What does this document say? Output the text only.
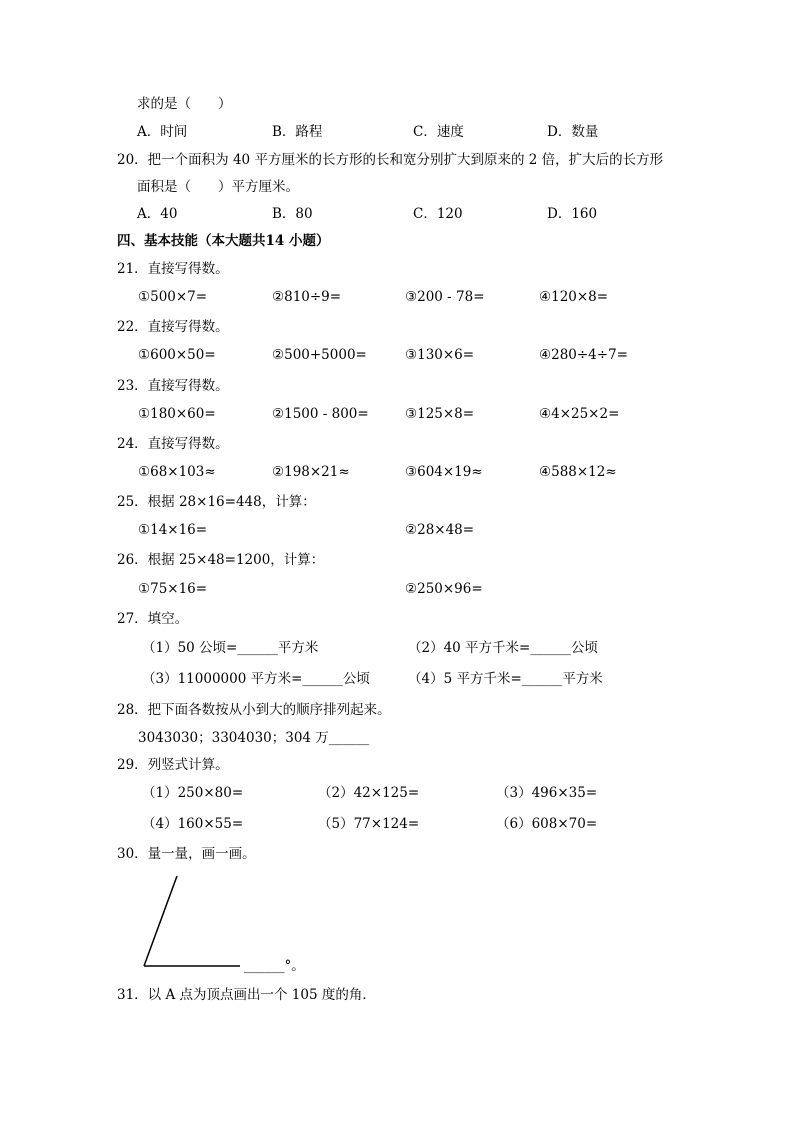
求的是（　　）
A．时间	B．路程	C．速度	D．数量
20．把一个面积为 40 平方厘米的长方形的长和宽分别扩大到原来的 2 倍，扩大后的长方形
面积是（　　）平方厘米。
A．40	B．80	C．120	D．160
四、基本技能（本大题共14 小题）
21．直接写得数。
①500×7=	②810÷9=	③200 - 78=	④120×8=
22．直接写得数。
①600×50=	②500+5000=	③130×6=	④280÷4÷7=
23．直接写得数。
①180×60=	②1500 - 800=	③125×8=	④4×25×2=
24．直接写得数。
①68×103≈	②198×21≈	③604×19≈	④588×12≈
25．根据 28×16=448，计算：
①14×16=	②28×48=
26．根据 25×48=1200，计算：
①75×16=	②250×96=
27．填空。
（1）50 公顷=______平方米	（2）40 平方千米=______公顷
（3）11000000 平方米=______公顷	（4）5 平方千米=______平方米
28．把下面各数按从小到大的顺序排列起来。
3043030；3304030；304 万______
29．列竖式计算。
（1）250×80=	（2）42×125=	（3）496×35=
（4）160×55=	（5）77×124=	（6）608×70=
30．量一量，画一画。
______°。
31．以 A 点为顶点画出一个 105 度的角．
